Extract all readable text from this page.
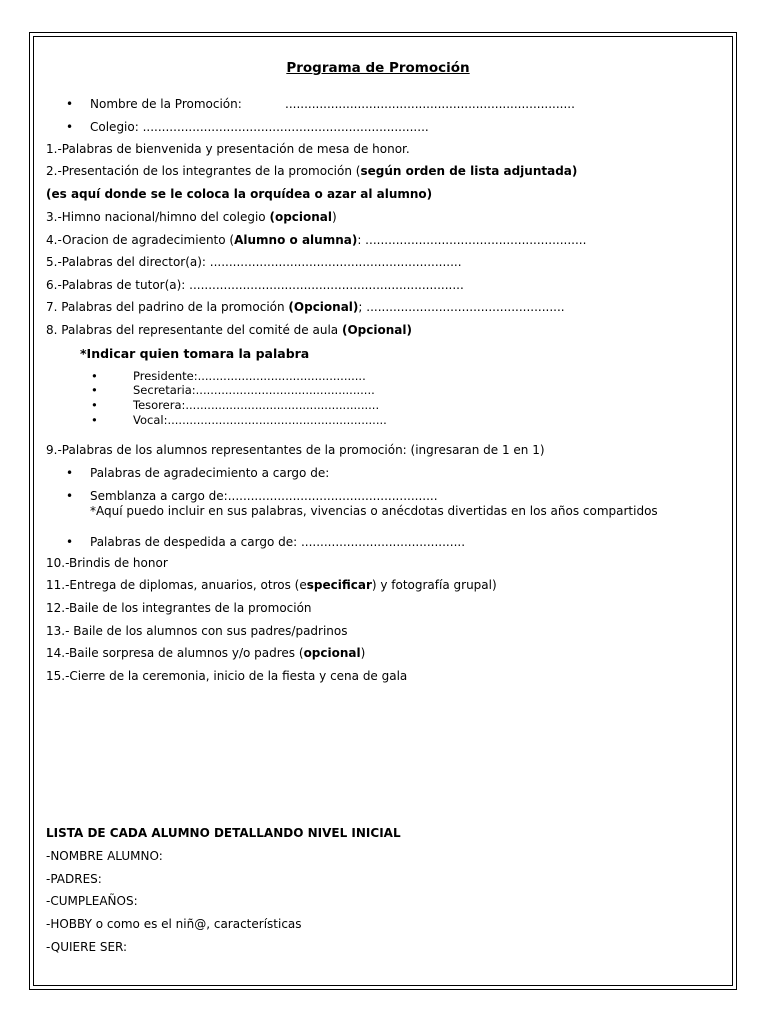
Programa de Promoción
• Nombre de la Promoción:	............................................................................
• Colegio: ...........................................................................
1.-Palabras de bienvenida y presentación de mesa de honor.
2.-Presentación de los integrantes de la promoción (según orden de lista adjuntada)
(es aquí donde se le coloca la orquídea o azar al alumno)
3.-Himno nacional/himno del colegio (opcional)
4.-Oracion de agradecimiento (Alumno o alumna): ..........................................................
5.-Palabras del director(a): ..................................................................
6.-Palabras de tutor(a): ........................................................................
7. Palabras del padrino de la promoción (Opcional); ....................................................
8. Palabras del representante del comité de aula (Opcional)
*Indicar quien tomara la palabra
• Presidente:..............................................
• Secretaria:.................................................
• Tesorera:.....................................................
• Vocal:............................................................
9.-Palabras de los alumnos representantes de la promoción: (ingresaran de 1 en 1)
• Palabras de agradecimiento a cargo de:
• Semblanza a cargo de:.......................................................
*Aquí puedo incluir en sus palabras, vivencias o anécdotas divertidas en los años compartidos
• Palabras de despedida a cargo de: ...........................................
10.-Brindis de honor
11.-Entrega de diplomas, anuarios, otros (especificar) y fotografía grupal)
12.-Baile de los integrantes de la promoción
13.- Baile de los alumnos con sus padres/padrinos
14.-Baile sorpresa de alumnos y/o padres (opcional)
15.-Cierre de la ceremonia, inicio de la fiesta y cena de gala
LISTA DE CADA ALUMNO DETALLANDO NIVEL INICIAL
-NOMBRE ALUMNO:
-PADRES:
-CUMPLEAÑOS:
-HOBBY o como es el niñ@, características
-QUIERE SER:
